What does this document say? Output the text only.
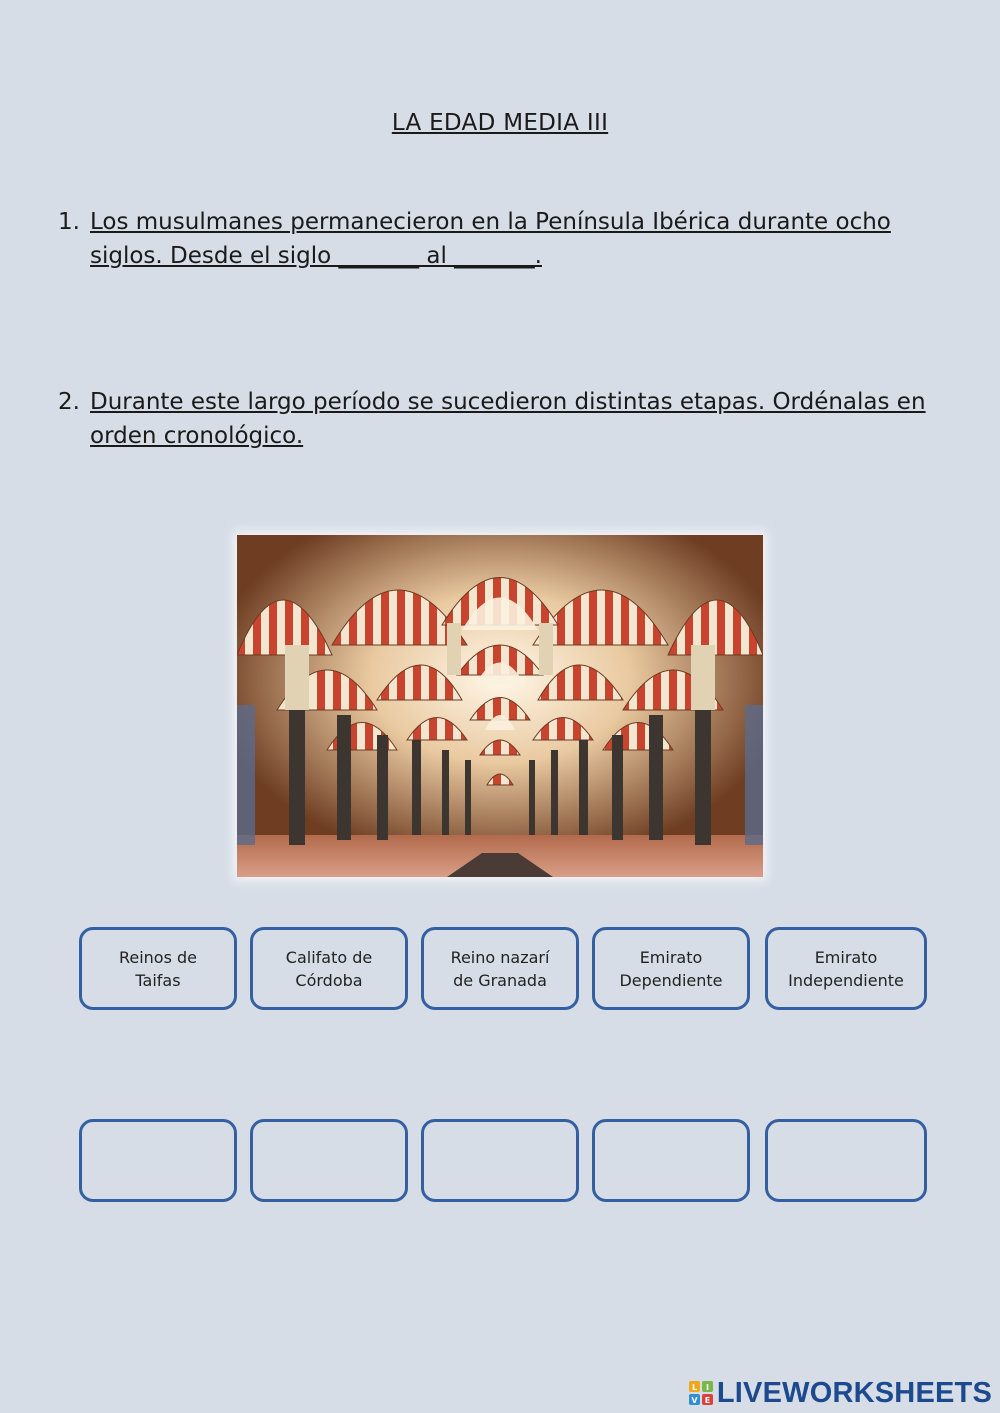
LA EDAD MEDIA III
1. Los musulmanes permanecieron en la Península Ibérica durante ocho siglos. Desde el siglo _______ al _______.
2. Durante este largo período se sucedieron distintas etapas. Ordénalas en orden cronológico.
Reinos de
Taifas
Califato de
Córdoba
Reino nazarí
de Granada
Emirato
Dependiente
Emirato
Independiente
L I
V E LIVEWORKSHEETS
